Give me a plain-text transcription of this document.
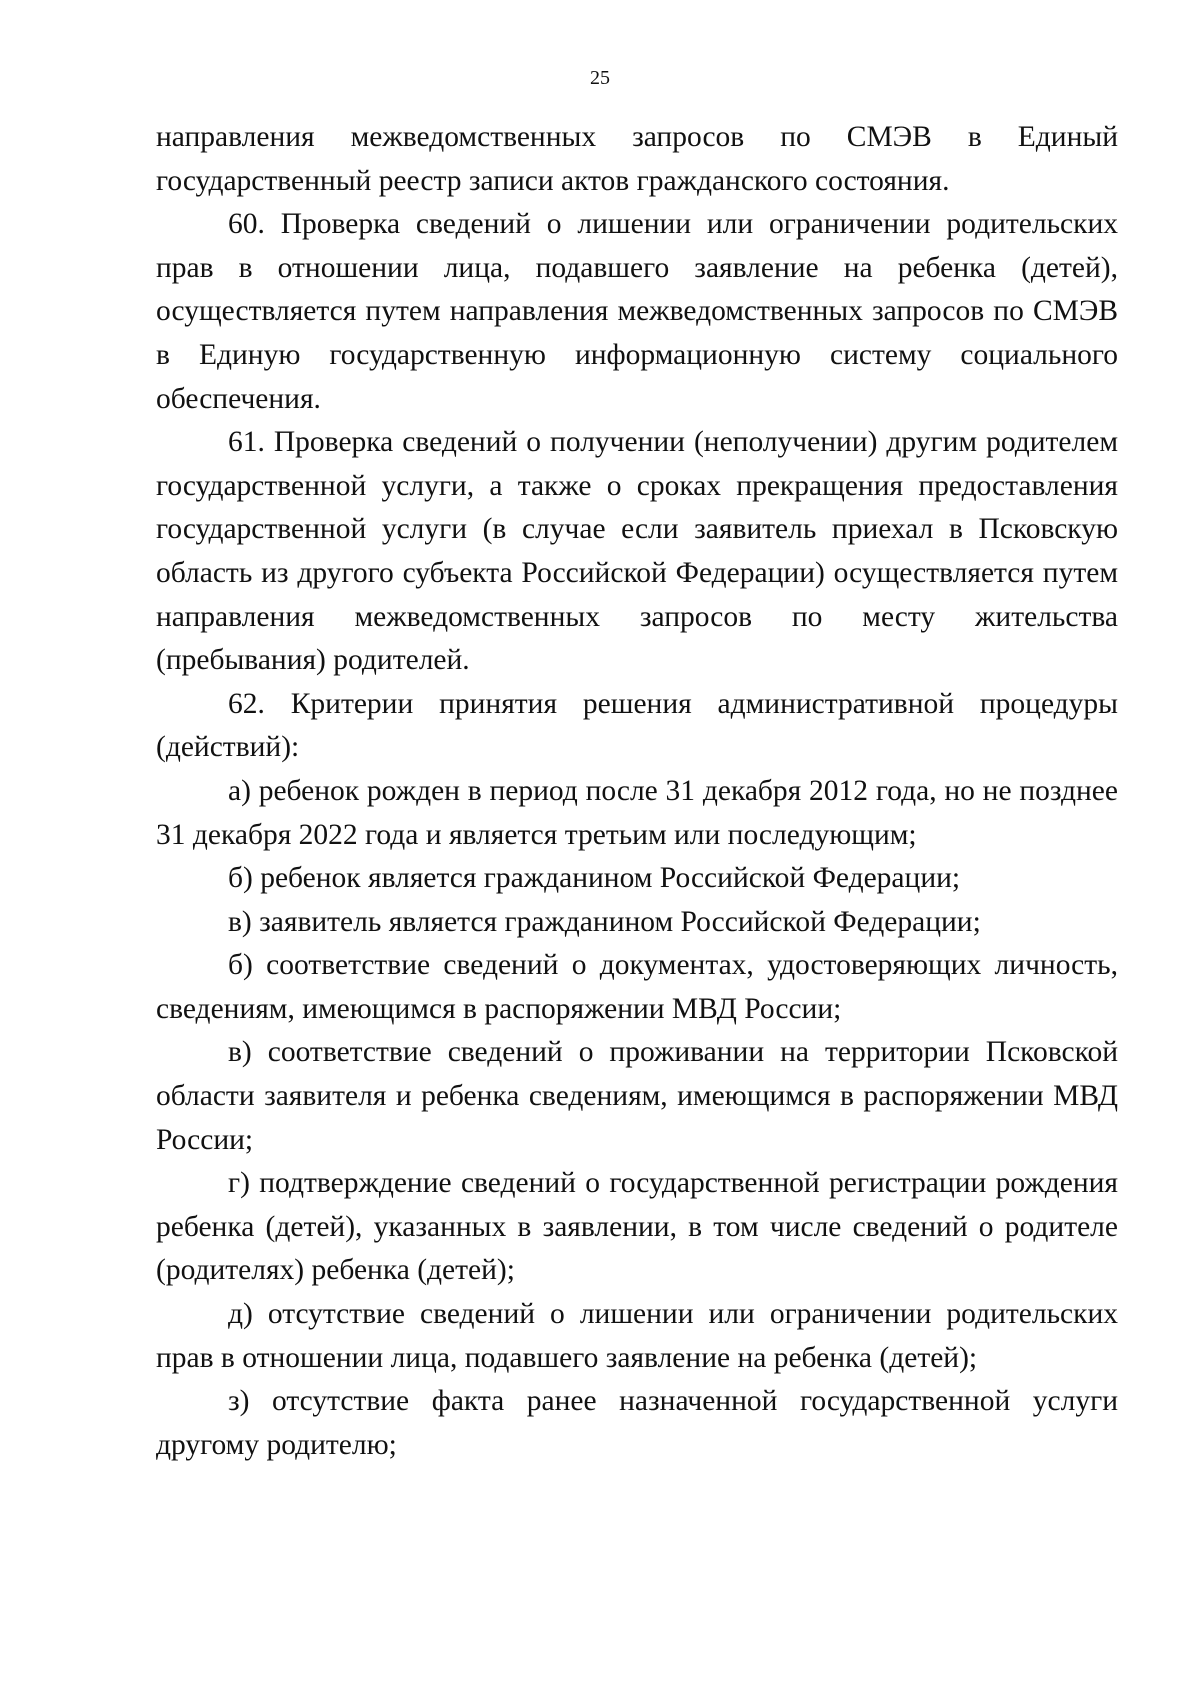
25

направления межведомственных запросов по СМЭВ в Единый государственный реестр записи актов гражданского состояния.

60. Проверка сведений о лишении или ограничении родительских прав в отношении лица, подавшего заявление на ребенка (детей), осуществляется путем направления межведомственных запросов по СМЭВ в Единую государственную информационную систему социального обеспечения.

61. Проверка сведений о получении (неполучении) другим родителем государственной услуги, а также о сроках прекращения предоставления государственной услуги (в случае если заявитель приехал в Псковскую область из другого субъекта Российской Федерации) осуществляется путем направления межведомственных запросов по месту жительства (пребывания) родителей.

62. Критерии принятия решения административной процедуры (действий):

а) ребенок рожден в период после 31 декабря 2012 года, но не позднее 31 декабря 2022 года и является третьим или последующим;

б) ребенок является гражданином Российской Федерации;

в) заявитель является гражданином Российской Федерации;

б) соответствие сведений о документах, удостоверяющих личность, сведениям, имеющимся в распоряжении МВД России;

в) соответствие сведений о проживании на территории Псковской области заявителя и ребенка сведениям, имеющимся в распоряжении МВД России;

г) подтверждение сведений о государственной регистрации рождения ребенка (детей), указанных в заявлении, в том числе сведений о родителе (родителях) ребенка (детей);

д) отсутствие сведений о лишении или ограничении родительских прав в отношении лица, подавшего заявление на ребенка (детей);

з) отсутствие факта ранее назначенной государственной услуги другому родителю;
